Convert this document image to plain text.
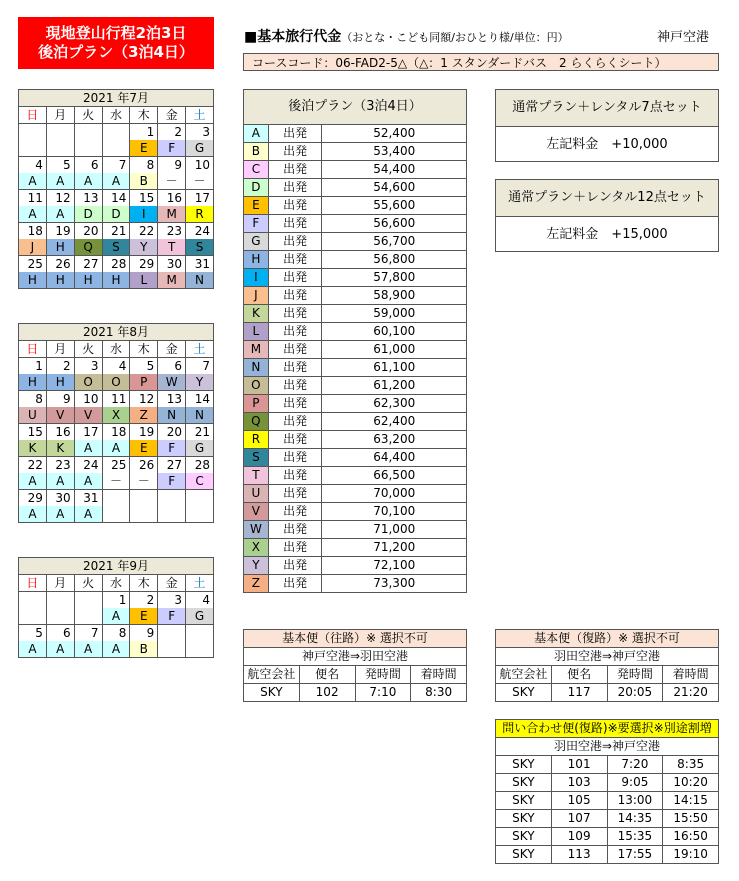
現地登山行程2泊3日
後泊プラン（3泊4日）
■基本旅行代金（おとな・こども同額/おひとり様/単位：円）	神戸空港
コースコード：06-FAD2-5△（△：1 スタンダードバス　2 らくらくシート）
2021 年7月						
日	月	火	水	木	金	土
				1	2	3
				E	F	G
4	5	6	7	8	9	10
A	A	A	A	B	－	－
11	12	13	14	15	16	17
A	A	D	D	I	M	R
18	19	20	21	22	23	24
J	H	Q	S	Y	T	S
25	26	27	28	29	30	31
H	H	H	H	L	M	N
2021 年8月						
日	月	火	水	木	金	土
1	2	3	4	5	6	7
H	H	O	O	P	W	Y
8	9	10	11	12	13	14
U	V	V	X	Z	N	N
15	16	17	18	19	20	21
K	K	A	A	E	F	G
22	23	24	25	26	27	28
A	A	A	－	－	F	C
29	30	31				
A	A	A				
2021 年9月						
日	月	火	水	木	金	土
			1	2	3	4
			A	E	F	G
5	6	7	8	9		
A	A	A	A	B		

後泊プラン（3泊4日）		
A	出発	52,400
B	出発	53,400
C	出発	54,400
D	出発	54,600
E	出発	55,600
F	出発	56,600
G	出発	56,700
H	出発	56,800
I	出発	57,800
J	出発	58,900
K	出発	59,000
L	出発	60,100
M	出発	61,000
N	出発	61,100
O	出発	61,200
P	出発	62,300
Q	出発	62,400
R	出発	63,200
S	出発	64,400
T	出発	66,500
U	出発	70,000
V	出発	70,100
W	出発	71,000
X	出発	71,200
Y	出発	72,100
Z	出発	73,300
通常プラン＋レンタル7点セット
左記料金　+10,000
通常プラン＋レンタル12点セット
左記料金　+15,000
基本便（往路）※ 選択不可			
神戸空港⇒羽田空港			
航空会社	便名	発時間	着時間
SKY	102	7:10	8:30
基本便（復路）※ 選択不可			
羽田空港⇒神戸空港			
航空会社	便名	発時間	着時間
SKY	117	20:05	21:20
問い合わせ便(復路)※要選択※別途割増			
羽田空港⇒神戸空港			
SKY	101	7:20	8:35
SKY	103	9:05	10:20
SKY	105	13:00	14:15
SKY	107	14:35	15:50
SKY	109	15:35	16:50
SKY	113	17:55	19:10
